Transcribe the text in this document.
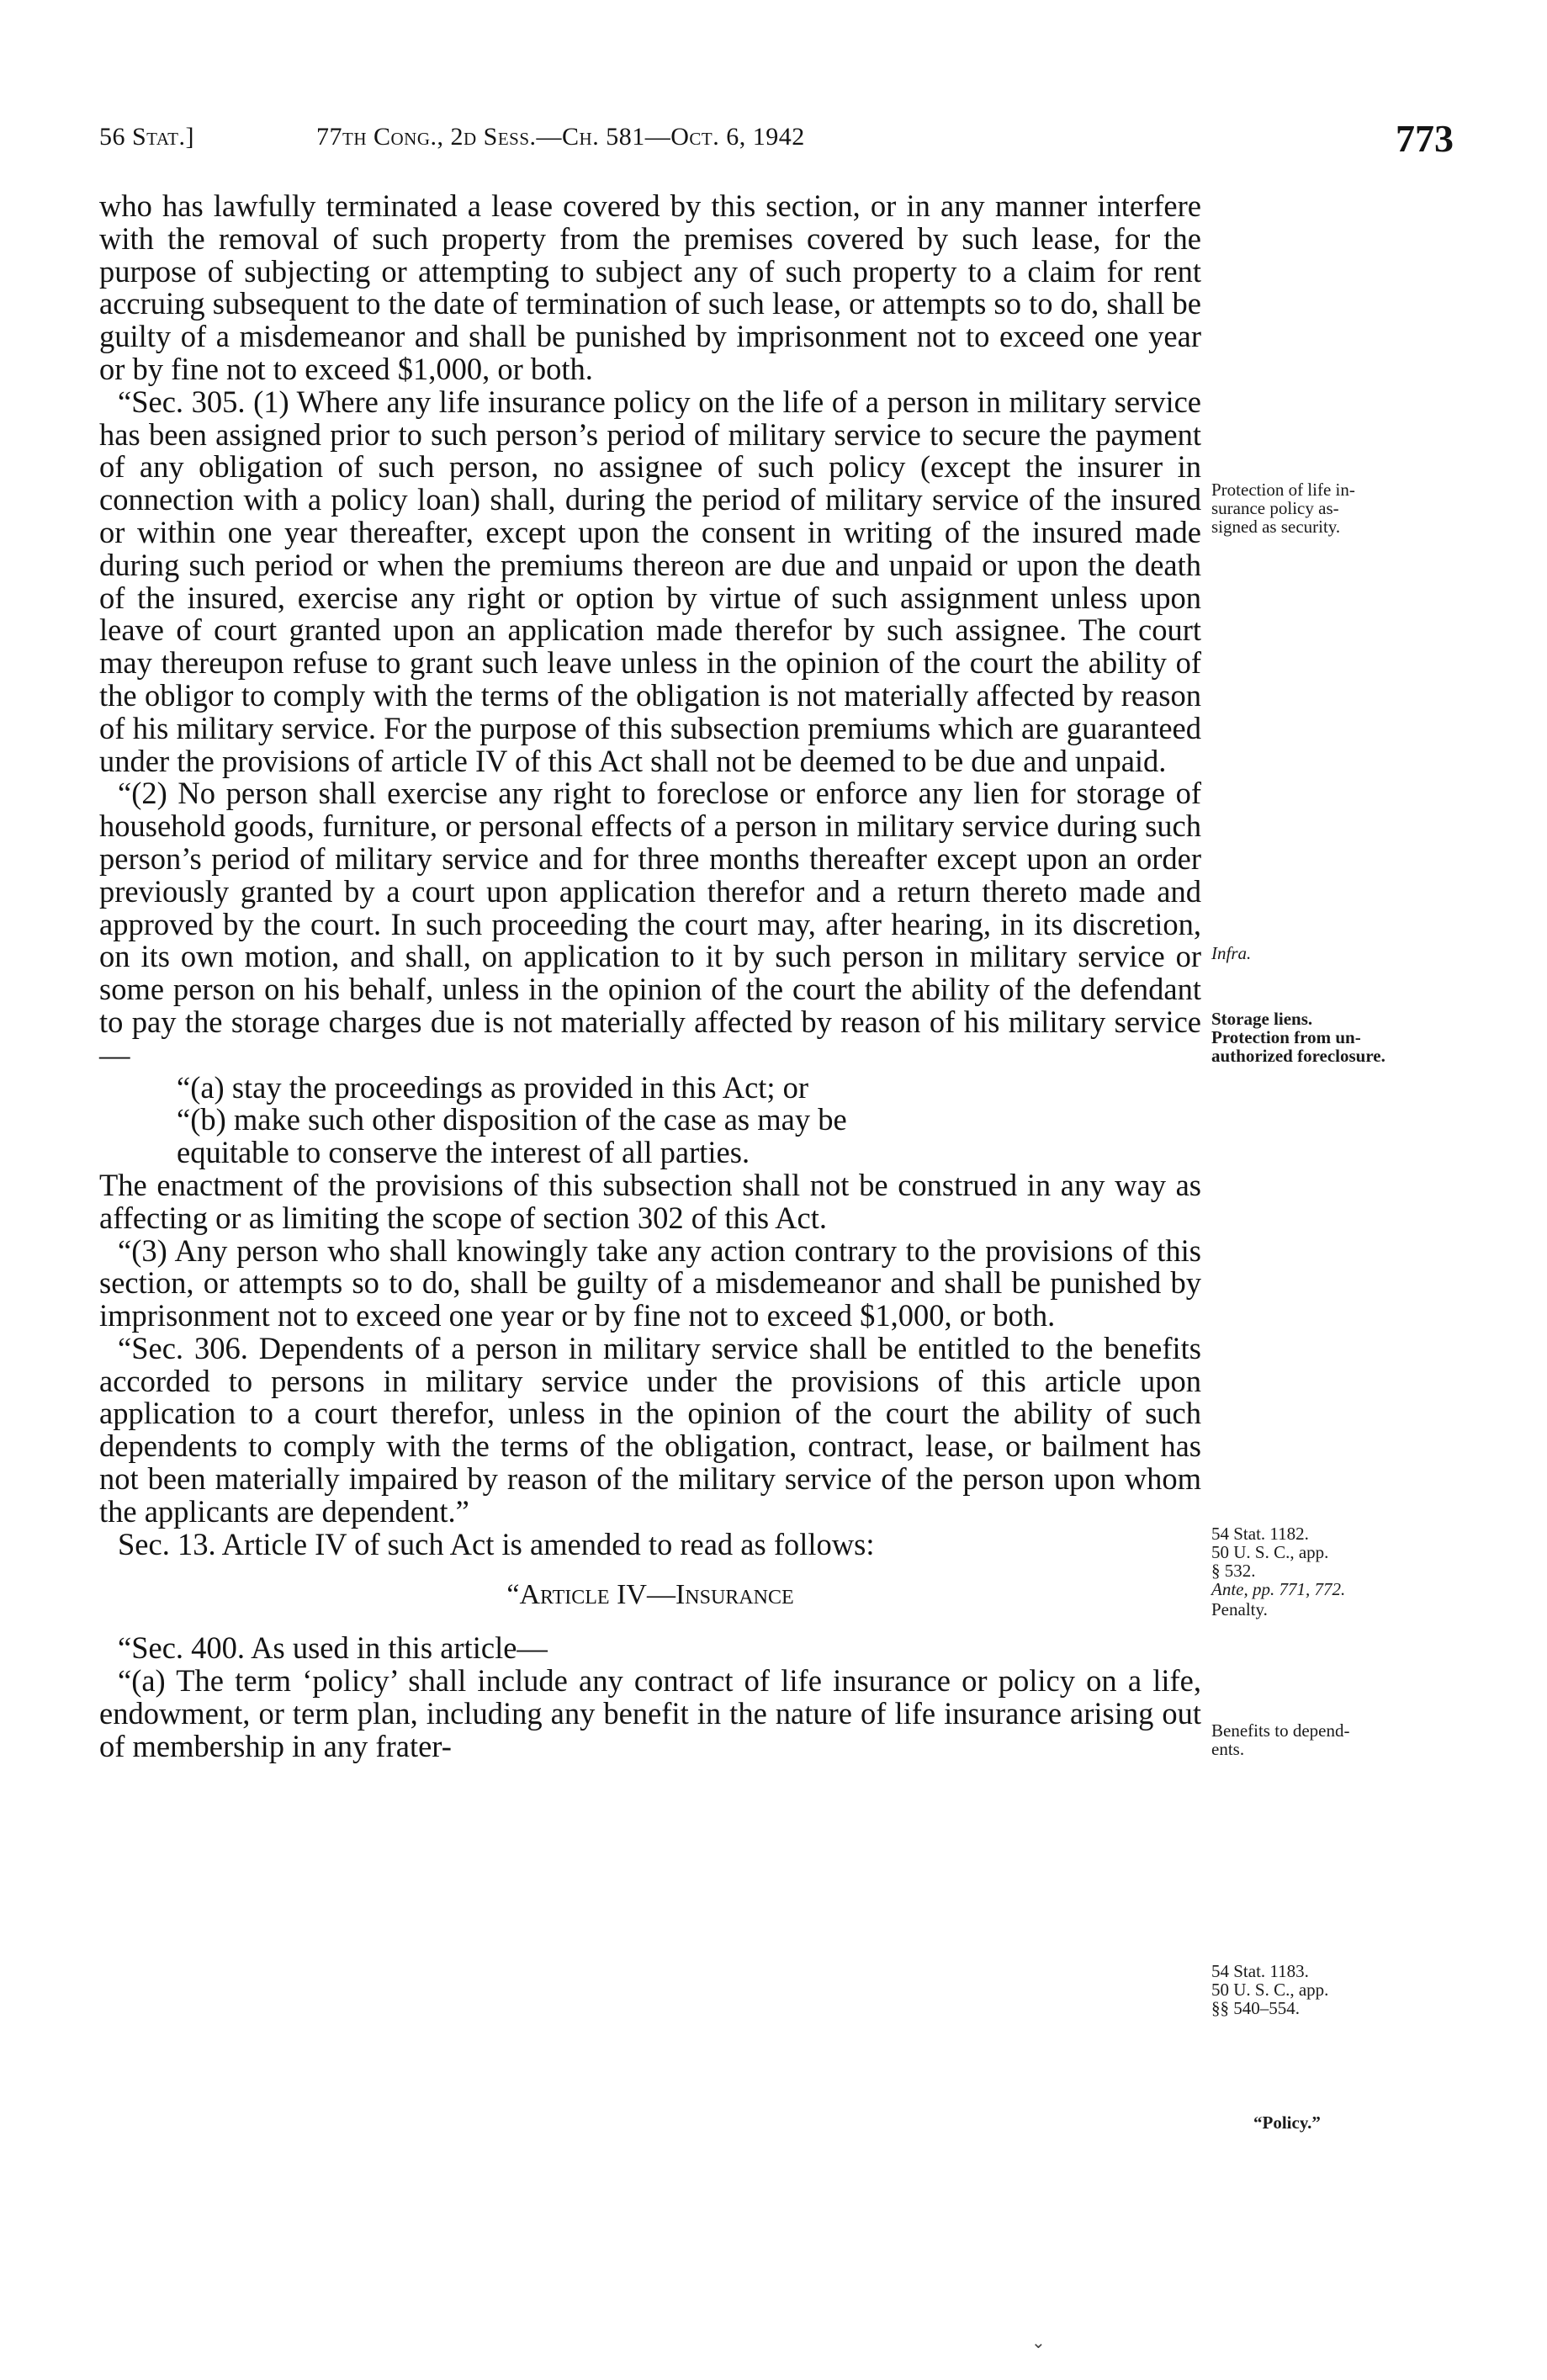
56 Stat.]	77th Cong., 2d Sess.—Ch. 581—Oct. 6, 1942	773

who has lawfully terminated a lease covered by this section, or in any manner interfere with the removal of such property from the premises covered by such lease, for the purpose of subjecting or attempting to subject any of such property to a claim for rent accruing subsequent to the date of termination of such lease, or attempts so to do, shall be guilty of a misdemeanor and shall be punished by imprisonment not to exceed one year or by fine not to exceed $1,000, or both.

“Sec. 305. (1) Where any life insurance policy on the life of a person in military service has been assigned prior to such person’s period of military service to secure the payment of any obligation of such person, no assignee of such policy (except the insurer in connection with a policy loan) shall, during the period of military service of the insured or within one year thereafter, except upon the consent in writing of the insured made during such period or when the premiums thereon are due and unpaid or upon the death of the insured, exercise any right or option by virtue of such assignment unless upon leave of court granted upon an application made therefor by such assignee. The court may thereupon refuse to grant such leave unless in the opinion of the court the ability of the obligor to comply with the terms of the obligation is not materially affected by reason of his military service. For the purpose of this subsection premiums which are guaranteed under the provisions of article IV of this Act shall not be deemed to be due and unpaid.

“(2) No person shall exercise any right to foreclose or enforce any lien for storage of household goods, furniture, or personal effects of a person in military service during such person’s period of military service and for three months thereafter except upon an order previously granted by a court upon application therefor and a return thereto made and approved by the court. In such proceeding the court may, after hearing, in its discretion, on its own motion, and shall, on application to it by such person in military service or some person on his behalf, unless in the opinion of the court the ability of the defendant to pay the storage charges due is not materially affected by reason of his military service—

“(a) stay the proceedings as provided in this Act; or

“(b) make such other disposition of the case as may be

equitable to conserve the interest of all parties.

The enactment of the provisions of this subsection shall not be construed in any way as affecting or as limiting the scope of section 302 of this Act.

“(3) Any person who shall knowingly take any action contrary to the provisions of this section, or attempts so to do, shall be guilty of a misdemeanor and shall be punished by imprisonment not to exceed one year or by fine not to exceed $1,000, or both.

“Sec. 306. Dependents of a person in military service shall be entitled to the benefits accorded to persons in military service under the provisions of this article upon application to a court therefor, unless in the opinion of the court the ability of such dependents to comply with the terms of the obligation, contract, lease, or bailment has not been materially impaired by reason of the military service of the person upon whom the applicants are dependent.”

Sec. 13. Article IV of such Act is amended to read as follows:

“Article IV—Insurance

“Sec. 400. As used in this article—

“(a) The term ‘policy’ shall include any contract of life insurance or policy on a life, endowment, or term plan, including any benefit in the nature of life insurance arising out of membership in any frater-

Protection of life in-
surance policy as-
signed as security.
Infra.
Storage liens.
Protection from un-
authorized foreclosure.
54 Stat. 1182.
50 U. S. C., app.
§ 532.
Ante, pp. 771, 772.
Penalty.
Benefits to depend-
ents.
54 Stat. 1183.
50 U. S. C., app.
§§ 540–554.
“Policy.”
⌄
